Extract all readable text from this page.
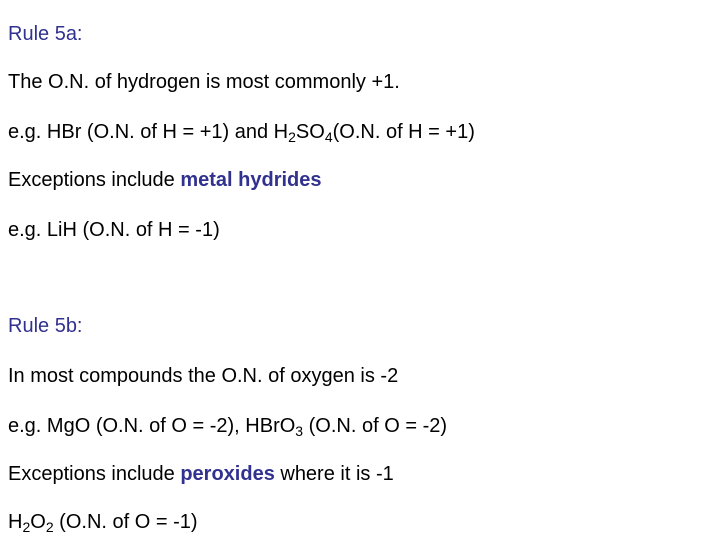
Rule 5a:
The O.N. of hydrogen is most commonly +1.
e.g. HBr (O.N. of H = +1) and $H_2SO_4(O.N$. of H = +1)
Exceptions include metal hydrides
e.g. LiH (O.N. of H = -1)
Rule 5b:
In most compounds the O.N. of oxygen is -2
e.g. MgO (O.N. of O = -2), HBrO$_3$ (O.N. of O = -2)
Exceptions include peroxides where it is -1
$H_2O_2$ (O.N. of O = -1)
